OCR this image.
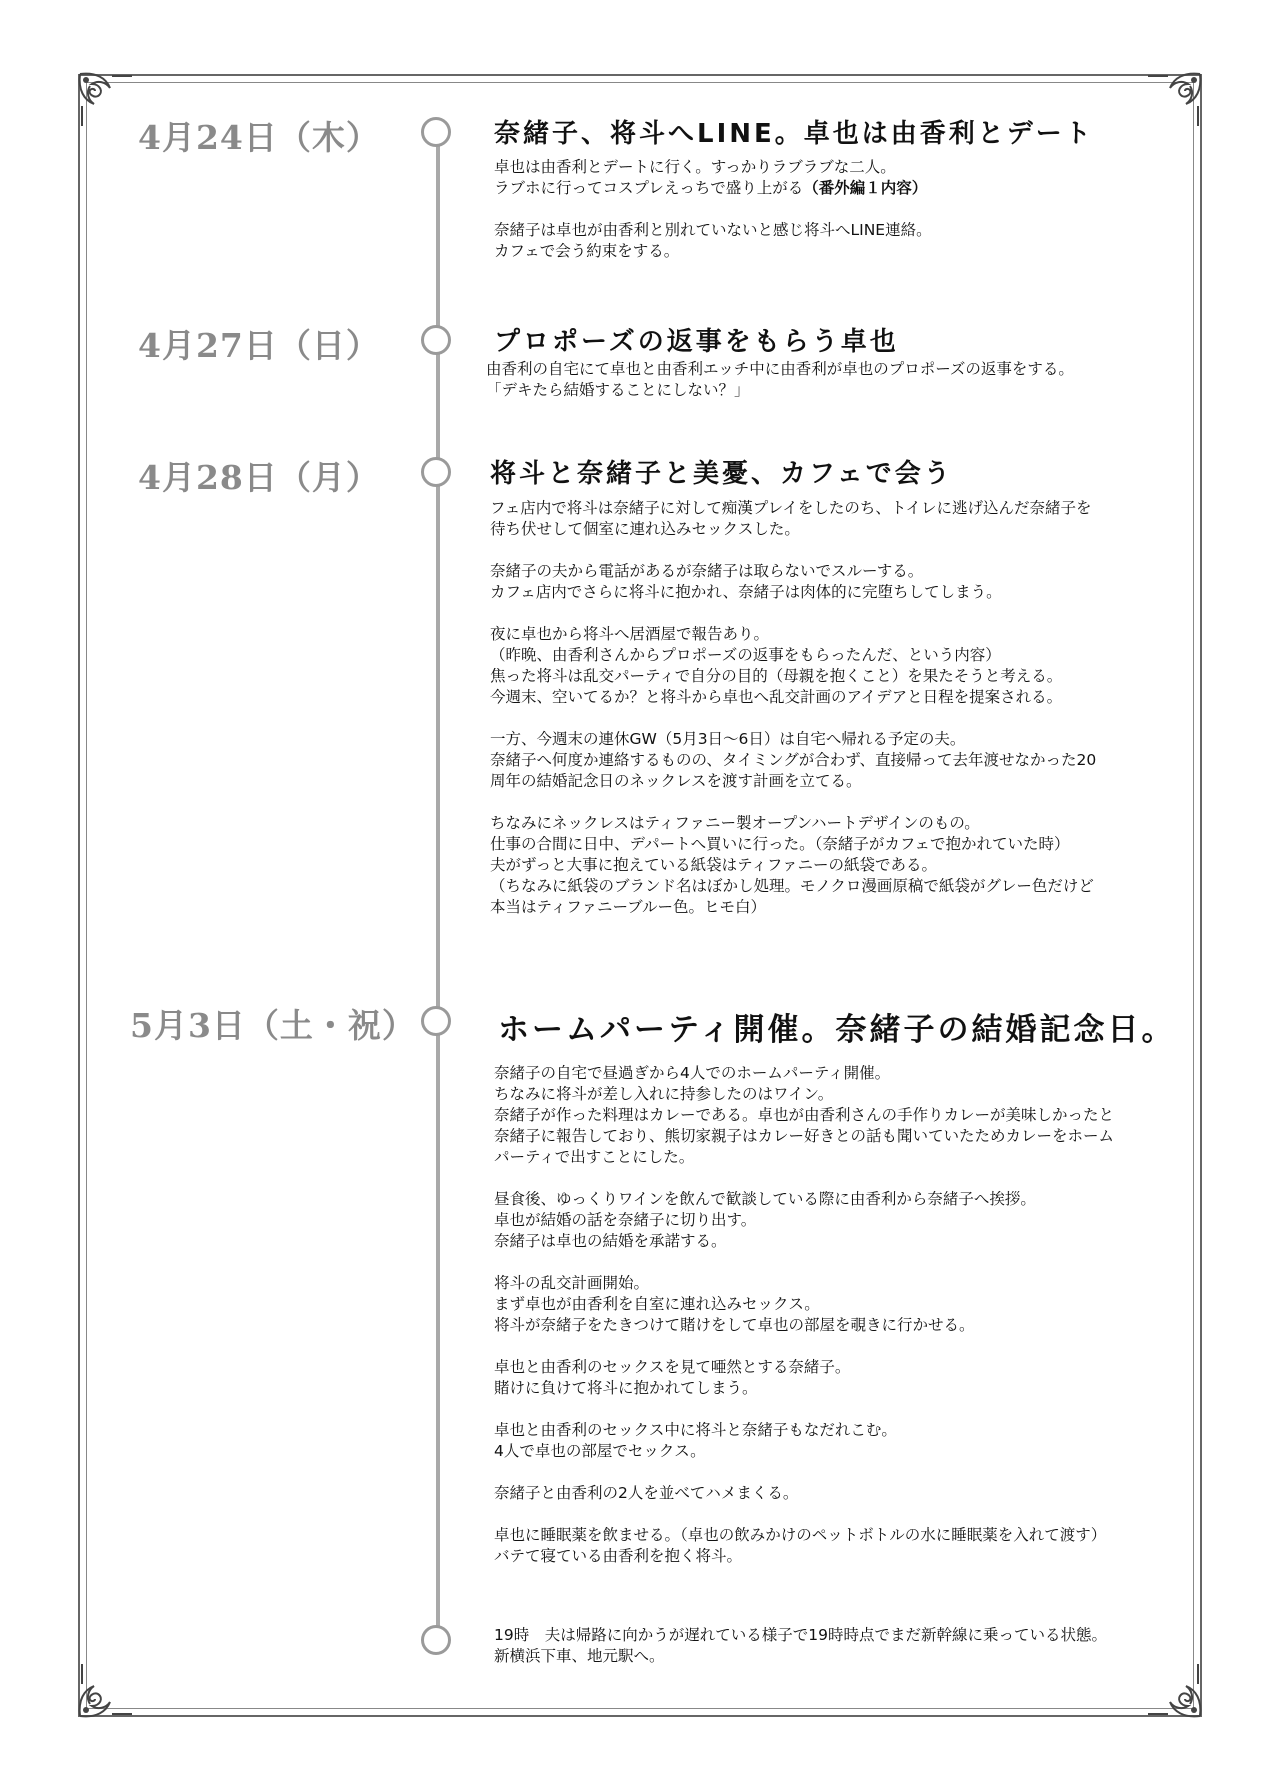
4月24日（木）	奈緒子、将斗へLINE。卓也は由香利とデート

卓也は由香利とデートに行く。すっかりラブラブな二人。

ラブホに行ってコスプレえっちで盛り上がる（番外編１内容）

奈緒子は卓也が由香利と別れていないと感じ将斗へLINE連絡。

カフェで会う約束をする。

4月27日（日）	プロポーズの返事をもらう卓也

由香利の自宅にて卓也と由香利エッチ中に由香利が卓也のプロポーズの返事をする。

「デキたら結婚することにしない？」

4月28日（月）	将斗と奈緒子と美憂、カフェで会う

フェ店内で将斗は奈緒子に対して痴漢プレイをしたのち、トイレに逃げ込んだ奈緒子を

待ち伏せして個室に連れ込みセックスした。

奈緒子の夫から電話があるが奈緒子は取らないでスルーする。

カフェ店内でさらに将斗に抱かれ、奈緒子は肉体的に完堕ちしてしまう。

夜に卓也から将斗へ居酒屋で報告あり。

（昨晩、由香利さんからプロポーズの返事をもらったんだ、という内容）

焦った将斗は乱交パーティで自分の目的（母親を抱くこと）を果たそうと考える。

今週末、空いてるか？と将斗から卓也へ乱交計画のアイデアと日程を提案される。

一方、今週末の連休GW（5月3日〜6日）は自宅へ帰れる予定の夫。

奈緒子へ何度か連絡するものの、タイミングが合わず、直接帰って去年渡せなかった20

周年の結婚記念日のネックレスを渡す計画を立てる。

ちなみにネックレスはティファニー製オープンハートデザインのもの。

仕事の合間に日中、デパートへ買いに行った。（奈緒子がカフェで抱かれていた時）

夫がずっと大事に抱えている紙袋はティファニーの紙袋である。

（ちなみに紙袋のブランド名はぼかし処理。モノクロ漫画原稿で紙袋がグレー色だけど

本当はティファニーブルー色。ヒモ白）

5月3日（土・祝）	ホームパーティ開催。奈緒子の結婚記念日。

奈緒子の自宅で昼過ぎから4人でのホームパーティ開催。

ちなみに将斗が差し入れに持参したのはワイン。

奈緒子が作った料理はカレーである。卓也が由香利さんの手作りカレーが美味しかったと

奈緒子に報告しており、熊切家親子はカレー好きとの話も聞いていたためカレーをホーム

パーティで出すことにした。

昼食後、ゆっくりワインを飲んで歓談している際に由香利から奈緒子へ挨拶。

卓也が結婚の話を奈緒子に切り出す。

奈緒子は卓也の結婚を承諾する。

将斗の乱交計画開始。

まず卓也が由香利を自室に連れ込みセックス。

将斗が奈緒子をたきつけて賭けをして卓也の部屋を覗きに行かせる。

卓也と由香利のセックスを見て唖然とする奈緒子。

賭けに負けて将斗に抱かれてしまう。

卓也と由香利のセックス中に将斗と奈緒子もなだれこむ。

4人で卓也の部屋でセックス。

奈緒子と由香利の2人を並べてハメまくる。

卓也に睡眠薬を飲ませる。（卓也の飲みかけのペットボトルの水に睡眠薬を入れて渡す）

バテて寝ている由香利を抱く将斗。

19時　夫は帰路に向かうが遅れている様子で19時時点でまだ新幹線に乗っている状態。

新横浜下車、地元駅へ。
